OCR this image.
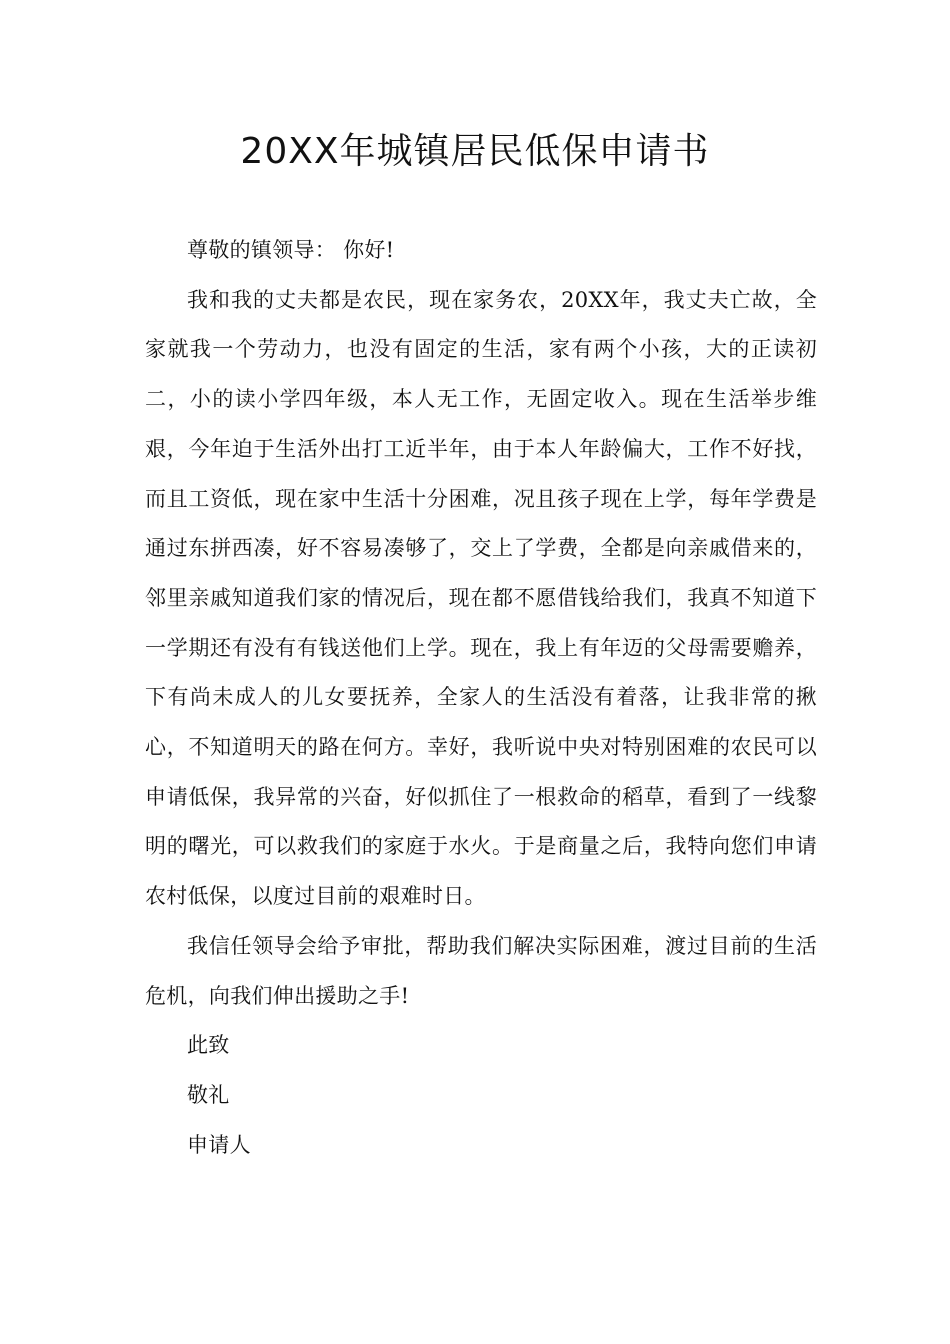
20XX年城镇居民低保申请书

尊敬的镇领导： 你好!

我和我的丈夫都是农民，现在家务农，20XX年，我丈夫亡故，全家就我一个劳动力，也没有固定的生活，家有两个小孩，大的正读初二，小的读小学四年级，本人无工作，无固定收入。现在生活举步维艰，今年迫于生活外出打工近半年，由于本人年龄偏大，工作不好找，而且工资低，现在家中生活十分困难，况且孩子现在上学，每年学费是通过东拼西凑，好不容易凑够了，交上了学费，全都是向亲戚借来的，邻里亲戚知道我们家的情况后，现在都不愿借钱给我们，我真不知道下一学期还有没有有钱送他们上学。现在，我上有年迈的父母需要赡养，下有尚未成人的儿女要抚养，全家人的生活没有着落，让我非常的揪心，不知道明天的路在何方。幸好，我听说中央对特别困难的农民可以申请低保，我异常的兴奋，好似抓住了一根救命的稻草，看到了一线黎明的曙光，可以救我们的家庭于水火。于是商量之后，我特向您们申请农村低保，以度过目前的艰难时日。

我信任领导会给予审批，帮助我们解决实际困难，渡过目前的生活危机，向我们伸出援助之手!

此致

敬礼

申请人
